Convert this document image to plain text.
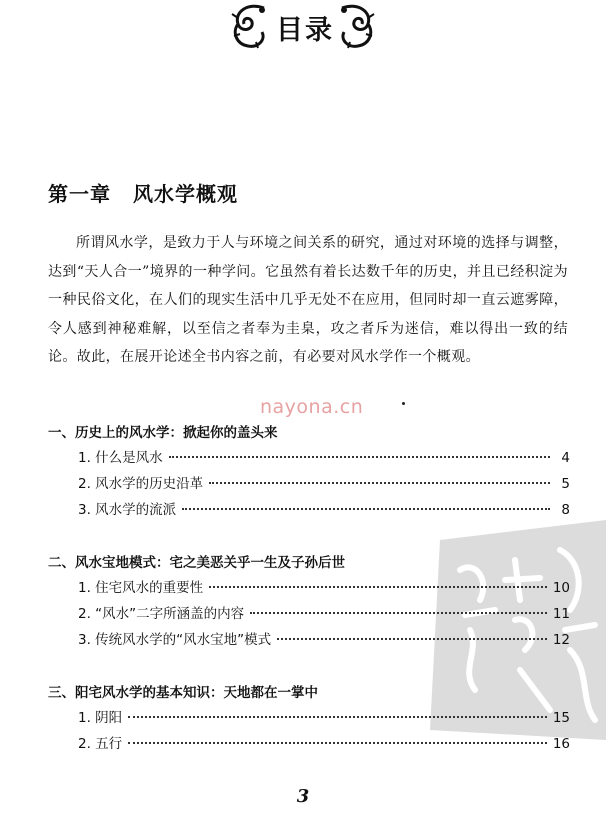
目录
第一章 风水学概观
所谓风水学，是致力于人与环境之间关系的研究，通过对环境的选择与调整，达到“天人合一”境界的一种学问。它虽然有着长达数千年的历史，并且已经积淀为一种民俗文化，在人们的现实生活中几乎无处不在应用，但同时却一直云遮雾障，令人感到神秘难解，以至信之者奉为圭臬，攻之者斥为迷信，难以得出一致的结论。故此，在展开论述全书内容之前，有必要对风水学作一个概观。
nayona.cn
一、历史上的风水学：掀起你的盖头来
1. 什么是风水	4
2. 风水学的历史沿革	5
3. 风水学的流派	8
二、风水宝地模式：宅之美恶关乎一生及子孙后世
1. 住宅风水的重要性	10
2. “风水”二字所涵盖的内容	11
3. 传统风水学的“风水宝地”模式	12
三、阳宅风水学的基本知识：天地都在一掌中
1. 阴阳	15
2. 五行	16
3
